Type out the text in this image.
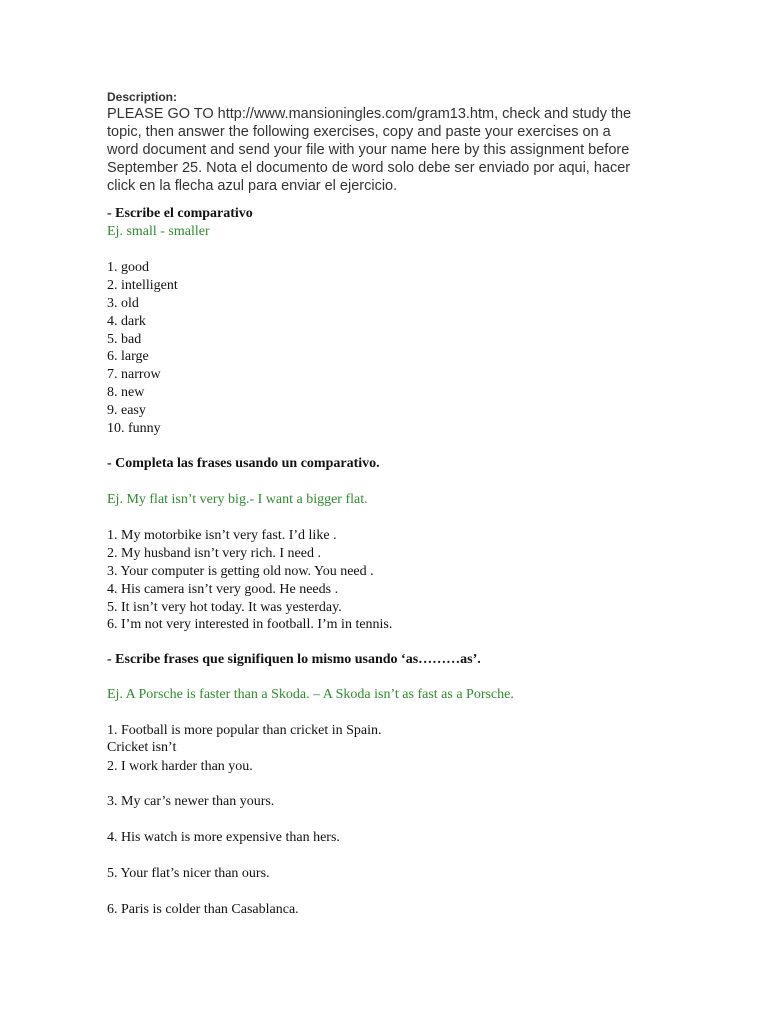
Description:

PLEASE GO TO http://www.mansioningles.com/gram13.htm, check and study the
topic, then answer the following exercises, copy and paste your exercises on a
word document and send your file with your name here by this assignment before
September 25. Nota el documento de word solo debe ser enviado por aqui, hacer
click en la flecha azul para enviar el ejercicio.

- Escribe el comparativo

Ej. small - smaller

1. good
2. intelligent
3. old
4. dark
5. bad
6. large
7. narrow
8. new
9. easy
10. funny

- Completa las frases usando un comparativo.

Ej. My flat isn’t very big.- I want a bigger flat.

1. My motorbike isn’t very fast. I’d like .
2. My husband isn’t very rich. I need .
3. Your computer is getting old now. You need .
4. His camera isn’t very good. He needs .
5. It isn’t very hot today. It was yesterday.
6. I’m not very interested in football. I’m in tennis.

- Escribe frases que signifiquen lo mismo usando ‘as………as’.

Ej. A Porsche is faster than a Skoda. – A Skoda isn’t as fast as a Porsche.

1. Football is more popular than cricket in Spain.

Cricket isn’t

2. I work harder than you.

3. My car’s newer than yours.

4. His watch is more expensive than hers.

5. Your flat’s nicer than ours.

6. Paris is colder than Casablanca.
